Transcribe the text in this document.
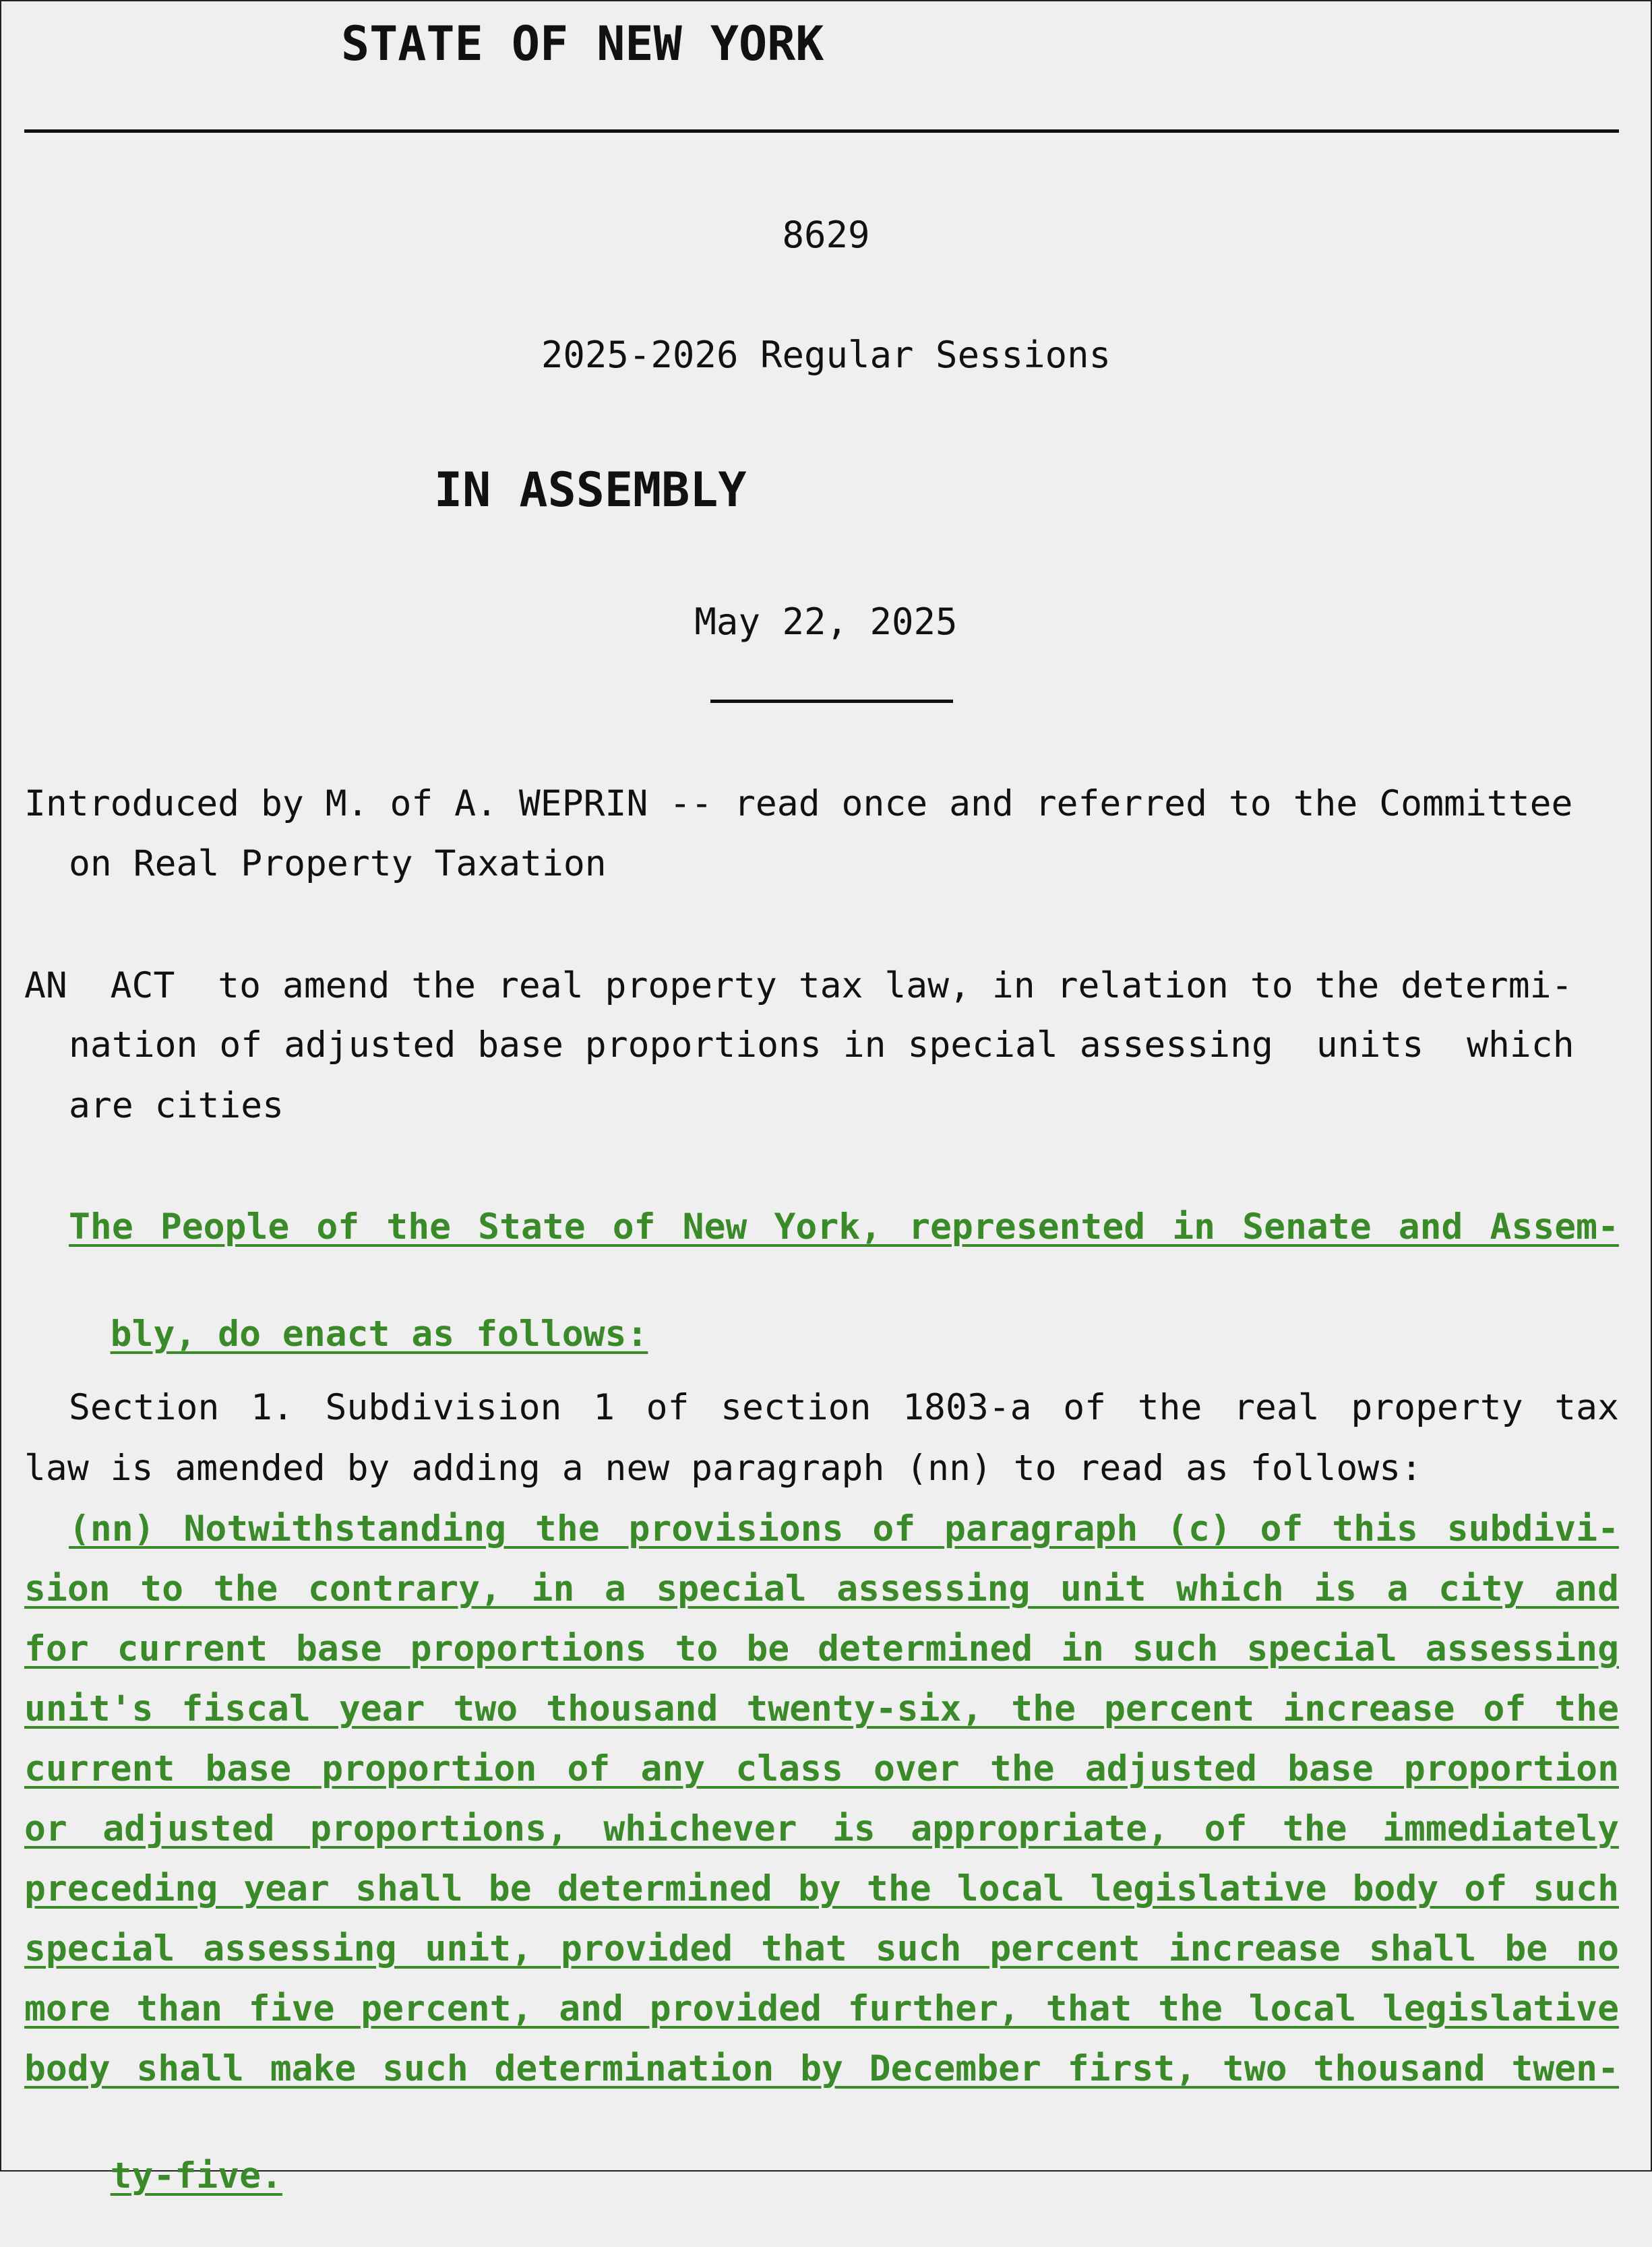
STATE OF NEW YORK
8629
2025-2026 Regular Sessions
IN ASSEMBLY
May 22, 2025
Introduced by M. of A. WEPRIN -- read once and referred to the Committee
on Real Property Taxation
AN  ACT  to amend the real property tax law, in relation to the determi-
nation of adjusted base proportions in special assessing  units  which
are cities
The People of the State of New York, represented in Senate and Assem-

bly, do enact as follows:

Section 1. Subdivision 1 of section 1803-a of the real property tax
law is amended by adding a new paragraph (nn) to read as follows:
(nn) Notwithstanding the provisions of paragraph (c) of this subdivi-
sion to the contrary, in a special assessing unit which is a city and
for current base proportions to be determined in such special assessing
unit's fiscal year two thousand twenty-six, the percent increase of the
current base proportion of any class over the adjusted base proportion
or adjusted proportions, whichever is appropriate, of the immediately
preceding year shall be determined by the local legislative body of such
special assessing unit, provided that such percent increase shall be no
more than five percent, and provided further, that the local legislative
body shall make such determination by December first, two thousand twen-

ty-five.
